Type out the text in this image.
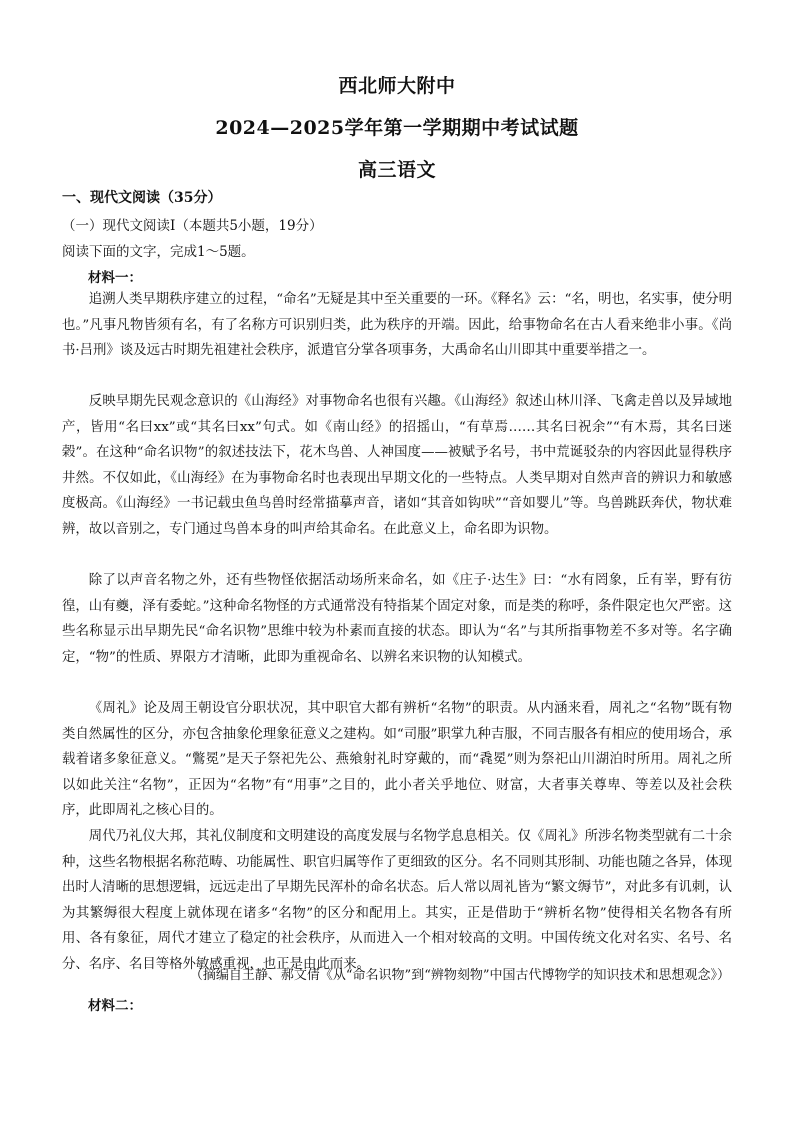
西北师大附中
2024—2025学年第一学期期中考试试题
高三语文
一、现代文阅读（35分）
（一）现代文阅读Ⅰ（本题共5小题，19分）
阅读下面的文字，完成1～5题。
材料一：

追溯人类早期秩序建立的过程，“命名”无疑是其中至关重要的一环。《释名》云：“名，明也，名实事，使分明也。”凡事凡物皆须有名，有了名称方可识别归类，此为秩序的开端。因此，给事物命名在古人看来绝非小事。《尚书·吕刑》谈及远古时期先祖建社会秩序，派遣官分掌各项事务，大禹命名山川即其中重要举措之一。

反映早期先民观念意识的《山海经》对事物命名也很有兴趣。《山海经》叙述山林川泽、飞禽走兽以及异域地产，皆用“名曰xx”或“其名曰xx”句式。如《南山经》的招摇山，“有草焉……其名曰祝余”“有木焉，其名曰迷榖”。在这种“命名识物”的叙述技法下，花木鸟兽、人神国度——被赋予名号，书中荒诞驳杂的内容因此显得秩序井然。不仅如此，《山海经》在为事物命名时也表现出早期文化的一些特点。人类早期对自然声音的辨识力和敏感度极高。《山海经》一书记载虫鱼鸟兽时经常描摹声音，诸如“其音如钩吠”“音如婴儿”等。鸟兽跳跃奔伏，物状难辨，故以音别之，专门通过鸟兽本身的叫声给其命名。在此意义上，命名即为识物。

除了以声音名物之外，还有些物怪依据活动场所来命名，如《庄子·达生》曰：“水有罔象，丘有峷，野有彷徨，山有夔，泽有委蛇。”这种命名物怪的方式通常没有特指某个固定对象，而是类的称呼，条件限定也欠严密。这些名称显示出早期先民“命名识物”思维中较为朴素而直接的状态。即认为“名”与其所指事物差不多对等。名字确定，“物”的性质、界限方才清晰，此即为重视命名、以辨名来识物的认知模式。

《周礼》论及周王朝设官分职状况，其中职官大都有辨析“名物”的职责。从内涵来看，周礼之“名物”既有物类自然属性的区分，亦包含抽象伦理象征意义之建构。如“司服”职掌九种吉服，不同吉服各有相应的使用场合，承载着诸多象征意义。“鷩冕”是天子祭祀先公、燕飨射礼时穿戴的，而“毳冕”则为祭祀山川湖泊时所用。周礼之所以如此关注“名物”，正因为“名物”有“用事”之目的，此小者关乎地位、财富，大者事关尊卑、等差以及社会秩序，此即周礼之核心目的。

周代乃礼仪大邦，其礼仪制度和文明建设的高度发展与名物学息息相关。仅《周礼》所涉名物类型就有二十余种，这些名物根据名称范畴、功能属性、职官归属等作了更细致的区分。名不同则其形制、功能也随之各异，体现出时人清晰的思想逻辑，远远走出了早期先民浑朴的命名状态。后人常以周礼皆为“繁文缛节”，对此多有讥刺，认为其繁缛很大程度上就体现在诸多“名物”的区分和配用上。其实，正是借助于“辨析名物”使得相关名物各有所用、各有象征，周代才建立了稳定的社会秩序，从而进入一个相对较高的文明。中国传统文化对名实、名号、名分、名序、名目等格外敏感重视，也正是由此而来。

（摘编自王静、郝文倩《从“命名识物”到“辨物刻物”中国古代博物学的知识技术和思想观念》）
材料二：
